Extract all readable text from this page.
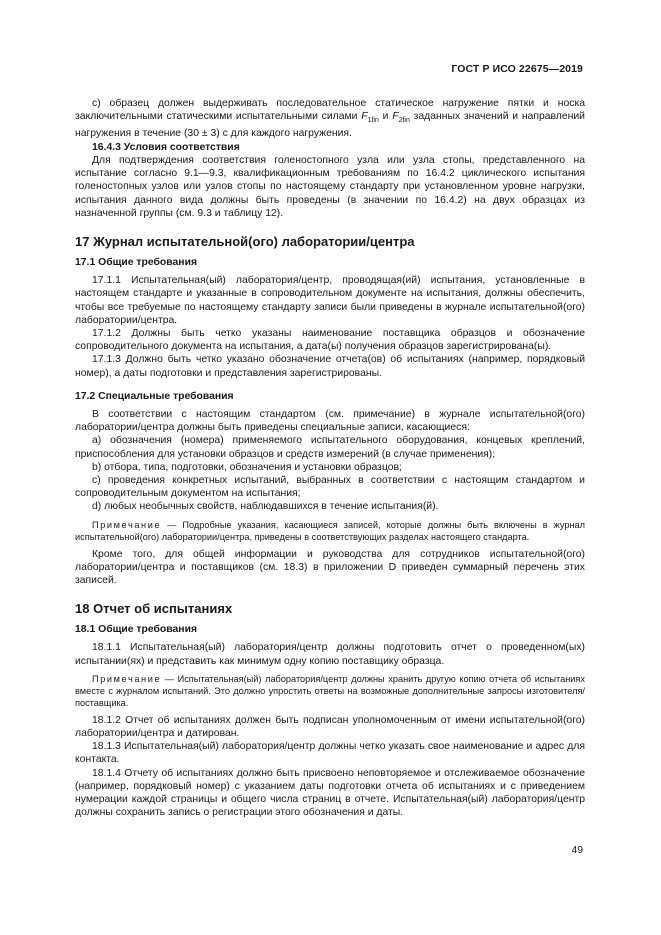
ГОСТ Р ИСО 22675—2019

с) образец должен выдерживать последовательное статическое нагружение пятки и носка заключительными статическими испытательными силами $F_{1fin}$ и $F_{2fin}$ заданных значений и направлений нагружения в течение (30 ± 3) с для каждого нагружения.

16.4.3 Условия соответствия

Для подтверждения соответствия голеностопного узла или узла стопы, представленного на испытание согласно 9.1—9.3, квалификационным требованиям по 16.4.2 циклического испытания голеностопных узлов или узлов стопы по настоящему стандарту при установленном уровне нагрузки, испытания данного вида должны быть проведены (в значении по 16.4.2) на двух образцах из назначенной группы (см. 9.3 и таблицу 12).

17 Журнал испытательной(ого) лаборатории/центра
17.1 Общие требования

17.1.1 Испытательная(ый) лаборатория/центр, проводящая(ий) испытания, установленные в настоящем стандарте и указанные в сопроводительном документе на испытания, должны обеспечить, чтобы все требуемые по настоящему стандарту записи были приведены в журнале испытательной(ого) лаборатории/центра.

17.1.2 Должны быть четко указаны наименование поставщика образцов и обозначение сопроводительного документа на испытания, а дата(ы) получения образцов зарегистрирована(ы).

17.1.3 Должно быть четко указано обозначение отчета(ов) об испытаниях (например, порядковый номер), а даты подготовки и представления зарегистрированы.

17.2 Специальные требования

В соответствии с настоящим стандартом (см. примечание) в журнале испытательной(ого) лаборатории/центра должны быть приведены специальные записи, касающиеся:

а) обозначения (номера) применяемого испытательного оборудования, концевых креплений, приспособления для установки образцов и средств измерений (в случае применения);

b) отбора, типа, подготовки, обозначения и установки образцов;

с) проведения конкретных испытаний, выбранных в соответствии с настоящим стандартом и сопроводительным документом на испытания;

d) любых необычных свойств, наблюдавшихся в течение испытания(й).

Примечание — Подробные указания, касающиеся записей, которые должны быть включены в журнал испытательной(ого) лаборатории/центра, приведены в соответствующих разделах настоящего стандарта.

Кроме того, для общей информации и руководства для сотрудников испытательной(ого) лаборатории/центра и поставщиков (см. 18.3) в приложении D приведен суммарный перечень этих записей.

18 Отчет об испытаниях
18.1 Общие требования

18.1.1 Испытательная(ый) лаборатория/центр должны подготовить отчет о проведенном(ых) испытании(ях) и представить как минимум одну копию поставщику образца.

Примечание — Испытательная(ый) лаборатория/центр должны хранить другую копию отчета об испытаниях вместе с журналом испытаний. Это должно упростить ответы на возможные дополнительные запросы изготовителя/поставщика.

18.1.2 Отчет об испытаниях должен быть подписан уполномоченным от имени испытательной(ого) лаборатории/центра и датирован.

18.1.3 Испытательная(ый) лаборатория/центр должны четко указать свое наименование и адрес для контакта.

18.1.4 Отчету об испытаниях должно быть присвоено неповторяемое и отслеживаемое обозначение (например, порядковый номер) с указанием даты подготовки отчета об испытаниях и с приведением нумерации каждой страницы и общего числа страниц в отчете. Испытательная(ый) лаборатория/центр должны сохранить запись о регистрации этого обозначения и даты.

49
